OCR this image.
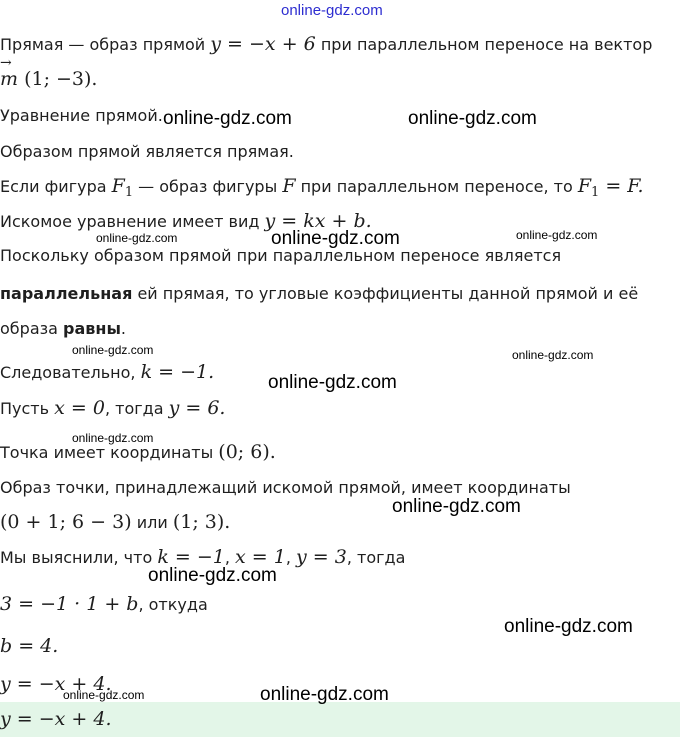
online-gdz.com
Прямая — образ прямой y = −x + 6 при параллельном переносе на вектор
→ m (1; −3).
Уравнение прямой.
Образом прямой является прямая.
Если фигура $F_1$ — образ фигуры F при параллельном переносе, то $F_1 = F$.
Искомое уравнение имеет вид y = kx + b.
Поскольку образом прямой при параллельном переносе является
параллельная ей прямая, то угловые коэффициенты данной прямой и её
образа равны.
Следовательно, k = −1.
Пусть x = 0, тогда y = 6.
Точка имеет координаты (0; 6).
Образ точки, принадлежащий искомой прямой, имеет координаты
(0 + 1; 6 − 3) или (1; 3).
Мы выяснили, что k = −1, x = 1, y = 3, тогда
3 = −1 · 1 + b, откуда
b = 4.
y = −x + 4.
y = −x + 4.
online-gdz.com	online-gdz.com
online-gdz.com	online-gdz.com	online-gdz.com
online-gdz.com	online-gdz.com
online-gdz.com
online-gdz.com
online-gdz.com
online-gdz.com
online-gdz.com
online-gdz.com	online-gdz.com
